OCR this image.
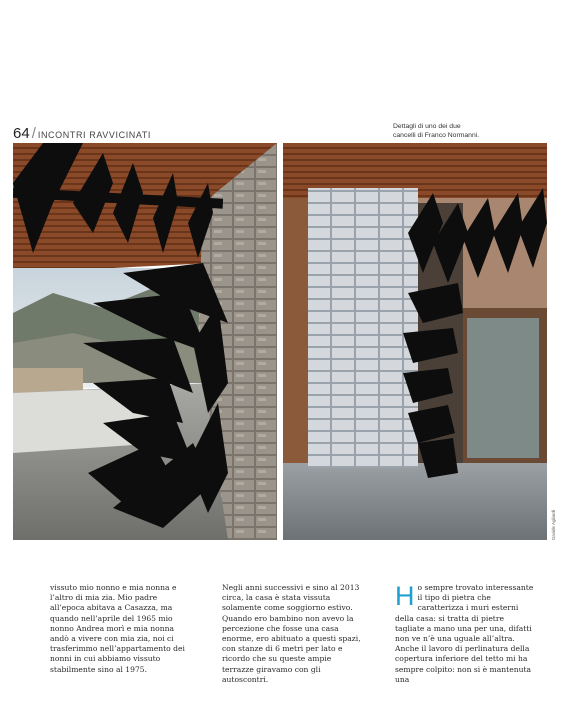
64 / INCONTRI RAVVICINATI
Dettagli di uno dei due
cancelli di Franco Normanni.
Davide Agliardi

vissuto mio nonno e mia nonna e l’altro di mia zia. Mio padre all’epoca abitava a Casazza, ma quando nell’aprile del 1965 mio nonno Andrea morì e mia nonna andò a vivere con mia zia, noi ci trasferimmo nell’appartamento dei nonni in cui abbiamo vissuto stabilmente sino al 1975.

Negli anni successivi e sino al 2013 circa, la casa è stata vissuta solamente come soggiorno estivo. Quando ero bambino non avevo la percezione che fosse una casa enorme, ero abituato a questi spazi, con stanze di 6 metri per lato e ricordo che su queste ampie terrazze giravamo con gli autoscontri.

H o sempre trovato interessante il tipo di pietra che caratterizza i muri esterni della casa: si tratta di pietre tagliate a mano una per una, difatti non ve n’è una uguale all’altra. Anche il lavoro di perlinatura della copertura inferiore del tetto mi ha sempre colpito: non si è mantenuta una
